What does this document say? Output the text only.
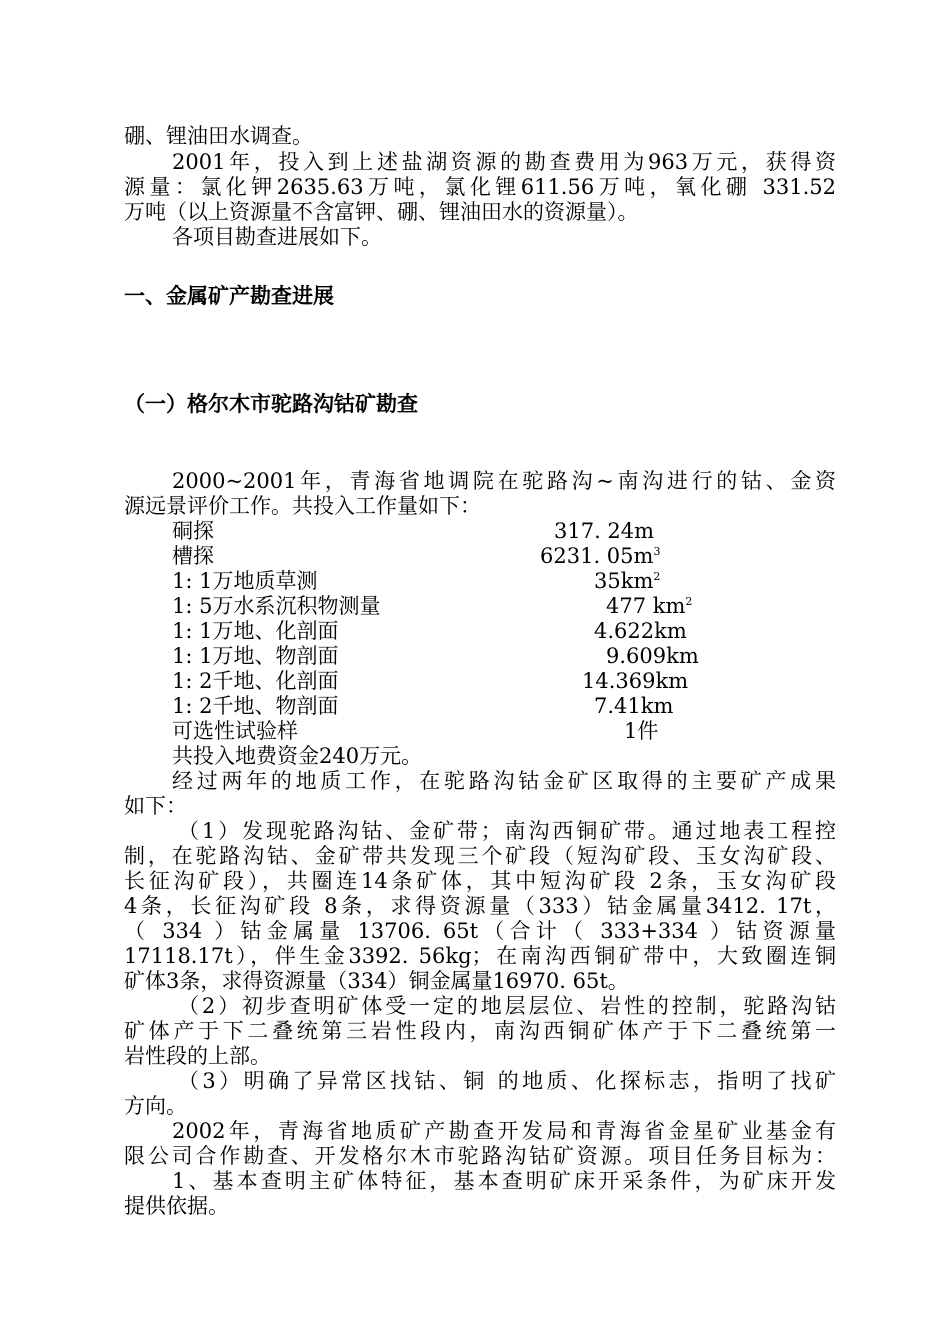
硼、锂油田水调查。
2001年，投入到上述盐湖资源的勘查费用为963万元，获得资
源量：氯化钾2635.63万吨，氯化锂611.56万吨，氧化硼 331.52
万吨（以上资源量不含富钾、硼、锂油田水的资源量）。
各项目勘查进展如下。
一、金属矿产勘查进展
（一）格尔木市驼路沟钴矿勘查
2000~2001年，青海省地调院在驼路沟~南沟进行的钴、金资
源远景评价工作。共投入工作量如下：
硐探	317. 24m
槽探	6231. $05m^3$
1: 1万地质草测	$35km^2$
1: 5万水系沉积物测量	477 $km^2$
1: 1万地、化剖面	4.622km
1: 1万地、物剖面	9.609km
1: 2千地、化剖面	14.369km
1: 2千地、物剖面	7.41km
可选性试验样	1件
共投入地费资金240万元。
经过两年的地质工作，在驼路沟钴金矿区取得的主要矿产成果
如下：
（1）发现驼路沟钴、金矿带；南沟西铜矿带。通过地表工程控
制，在驼路沟钴、金矿带共发现三个矿段（短沟矿段、玉女沟矿段、
长征沟矿段），共圈连14条矿体，其中短沟矿段 2条，玉女沟矿段
4条，长征沟矿段 8条，求得资源量（333）钴金属量3412. 17t，
（ 334 ）钴金属量 13706. 65t（合计（ 333+334 ）钴资源量
17118.17t），伴生金3392. 56kg；在南沟西铜矿带中，大致圈连铜
矿体3条，求得资源量（334）铜金属量16970. 65t。
（2）初步查明矿体受一定的地层层位、岩性的控制，驼路沟钴
矿体产于下二叠统第三岩性段内，南沟西铜矿体产于下二叠统第一
岩性段的上部。
（3）明确了异常区找钴、铜 的地质、化探标志，指明了找矿
方向。
2002年，青海省地质矿产勘查开发局和青海省金星矿业基金有
限公司合作勘查、开发格尔木市驼路沟钴矿资源。项目任务目标为：
1、基本查明主矿体特征，基本查明矿床开采条件，为矿床开发
提供依据。
